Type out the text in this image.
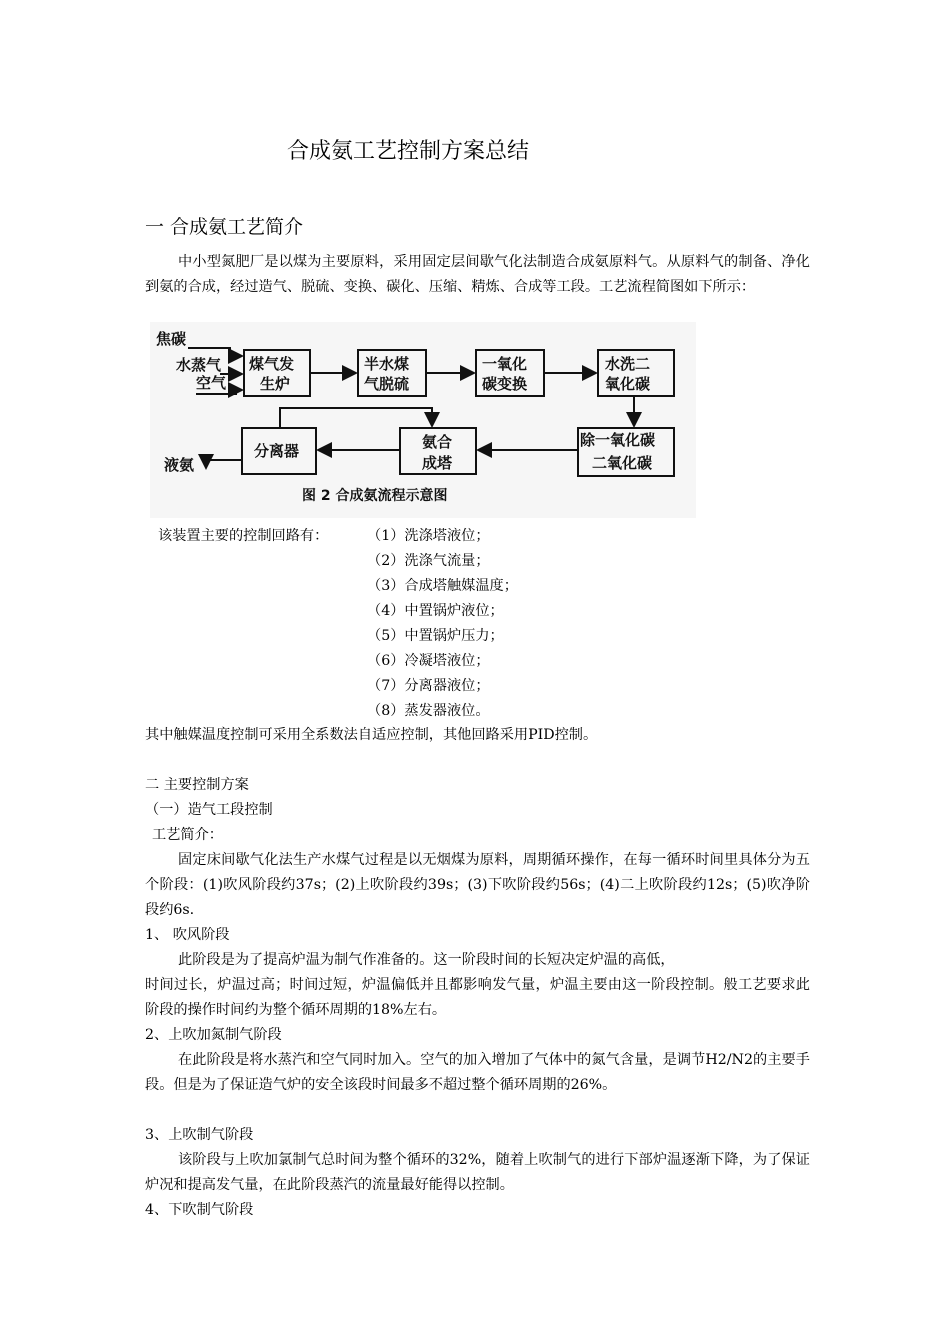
合成氨工艺控制方案总结
一 合成氨工艺简介
中小型氮肥厂是以煤为主要原料，采用固定层间歇气化法制造合成氨原料气。从原料气的制备、净化到氨的合成，经过造气、脱硫、变换、碳化、压缩、精炼、合成等工段。工艺流程简图如下所示：
焦碳
水蒸气
空气
煤气发
生炉
半水煤
气脱硫
一氧化
碳变换
水洗二
氧化碳
除一氧化碳
二氧化碳
氨合
成塔
分离器
液氨
图 2 合成氨流程示意图
该装置主要的控制回路有：	（1）洗涤塔液位；
（2）洗涤气流量；
（3）合成塔触媒温度；
（4）中置锅炉液位；
（5）中置锅炉压力；
（6）冷凝塔液位；
（7）分离器液位；
（8）蒸发器液位。
其中触媒温度控制可采用全系数法自适应控制，其他回路采用PID控制。
二 主要控制方案
（一）造气工段控制
工艺简介：
固定床间歇气化法生产水煤气过程是以无烟煤为原料，周期循环操作，在每一循环时间里具体分为五个阶段：(1)吹风阶段约37s；(2)上吹阶段约39s；(3)下吹阶段约56s；(4)二上吹阶段约12s；(5)吹净阶段约6s.
1、 吹风阶段
此阶段是为了提高炉温为制气作准备的。这一阶段时间的长短决定炉温的高低，
时间过长，炉温过高；时间过短，炉温偏低并且都影响发气量，炉温主要由这一阶段控制。般工艺要求此阶段的操作时间约为整个循环周期的18%左右。
2、上吹加氮制气阶段
在此阶段是将水蒸汽和空气同时加入。空气的加入增加了气体中的氮气含量，是调节H2/N2的主要手段。但是为了保证造气炉的安全该段时间最多不超过整个循环周期的26%。
3、上吹制气阶段
该阶段与上吹加氯制气总时间为整个循环的32%，随着上吹制气的进行下部炉温逐渐下降，为了保证炉况和提高发气量，在此阶段蒸汽的流量最好能得以控制。
4、下吹制气阶段
